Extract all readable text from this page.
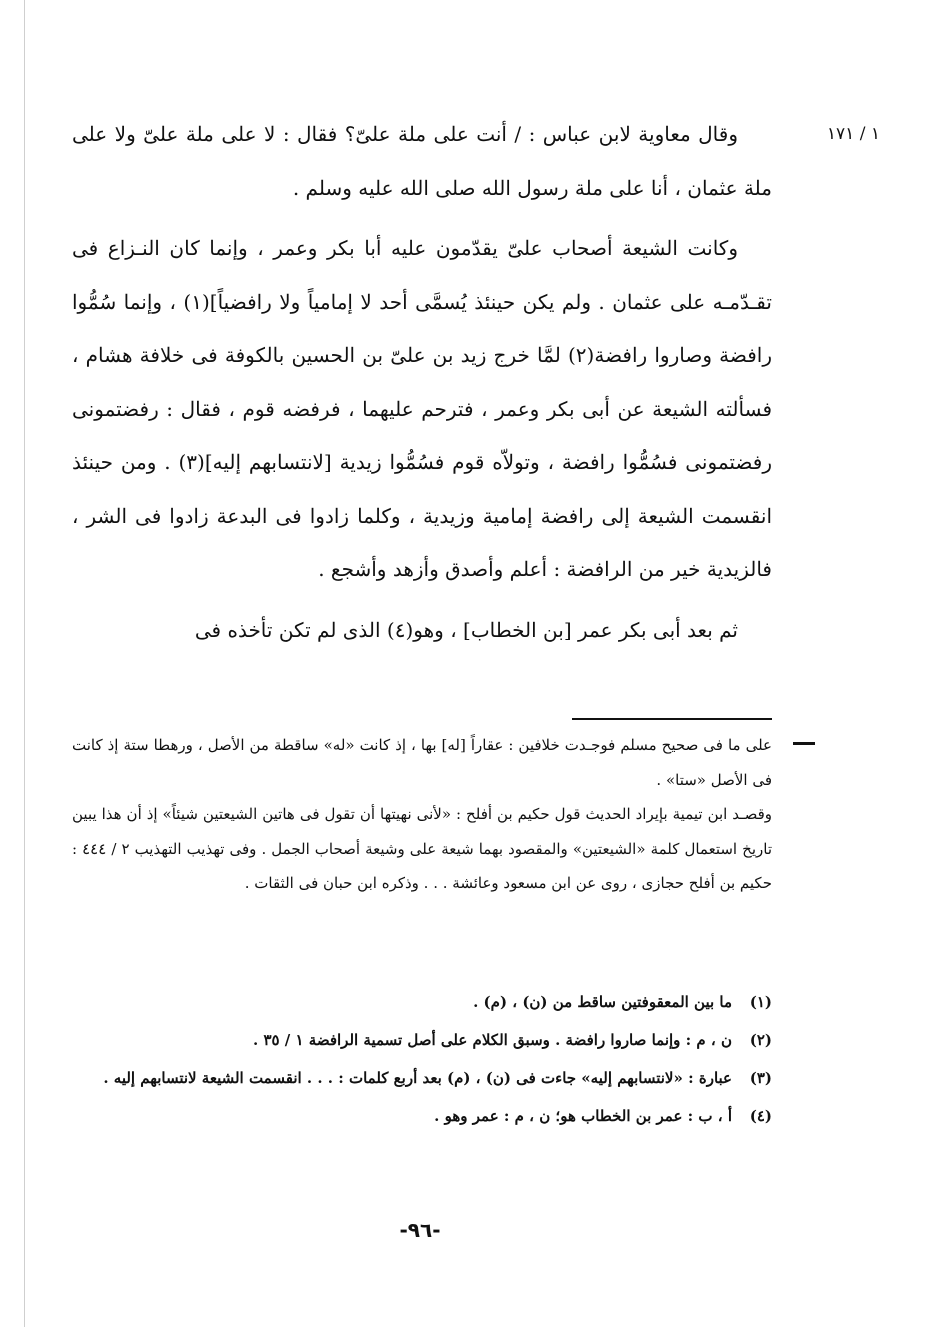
١ / ١٧١

وقال معاوية لابن عباس : / أنت على ملة علىّ؟ فقال : لا على ملة علىّ ولا على ملة عثمان ، أنا على ملة رسول الله صلى الله عليه وسلم .

وكانت الشيعة أصحاب علىّ يقدّمون عليه أبا بكر وعمر ، وإنما كان النـزاع فى تقـدّمـه على عثمان . ولم يكن حينئذ يُسمَّى أحد لا إمامياً ولا رافضياً](١) ، وإنما سُمُّوا رافضة وصاروا رافضة(٢) لمَّا خرج زيد بن علىّ بن الحسين بالكوفة فى خلافة هشام ، فسألته الشيعة عن أبى بكر وعمر ، فترحم عليهما ، فرفضه قوم ، فقال : رفضتمونى رفضتمونى فسُمُّوا رافضة ، وتولاّه قوم فسُمُّوا زيدية [لانتسابهم إليه](٣) . ومن حينئذ انقسمت الشيعة إلى رافضة إمامية وزيدية ، وكلما زادوا فى البدعة زادوا فى الشر ، فالزيدية خير من الرافضة : أعلم وأصدق وأزهد وأشجع .

ثم بعد أبى بكر عمر [بن الخطاب] ، وهو(٤) الذى لم تكن تأخذه فى

على ما فى صحيح مسلم فوجـدت خلافين : عقاراً [له] بها ، إذ كانت «له» ساقطة من الأصل ، ورهطا ستة إذ كانت فى الأصل «ستا» .

وقصـد ابن تيمية بإيراد الحديث قول حكيم بن أفلح : «لأنى نهيتها أن تقول فى هاتين الشيعتين شيئاً» إذ أن هذا يبين تاريخ استعمال كلمة «الشيعتين» والمقصود بهما شيعة على وشيعة أصحاب الجمل . وفى تهذيب التهذيب ٢ / ٤٤٤ : حكيم بن أفلح حجازى ، روى عن ابن مسعود وعائشة . . . وذكره ابن حبان فى الثقات .

(١)
ما بين المعقوفتين ساقط من (ن) ، (م) .
(٢)
ن ، م : وإنما صاروا رافضة . وسبق الكلام على أصل تسمية الرافضة ١ / ٣٥ .
(٣)
عبارة : «لانتسابهم إليه» جاءت فى (ن) ، (م) بعد أربع كلمات : . . . انقسمت الشيعة لانتسابهم إليه .
(٤)
أ ، ب : عمر بن الخطاب هو؛ ن ، م : عمر وهو .
-٩٦-
